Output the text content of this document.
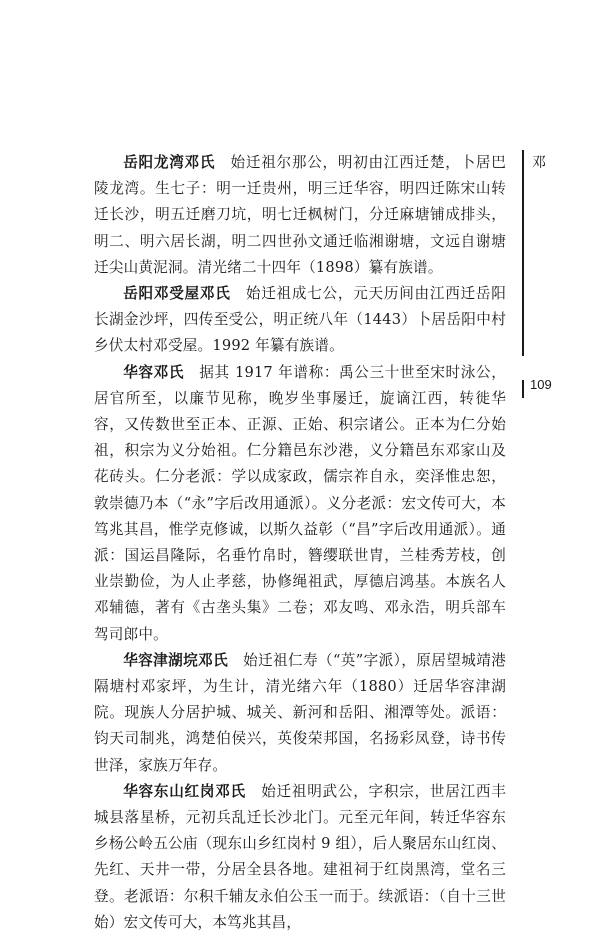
邓
109

岳阳龙湾邓氏　 始迁祖尔那公，明初由江西迁楚，卜居巴陵龙湾。生七子：明一迁贵州，明三迁华容，明四迁陈宋山转迁长沙，明五迁磨刀坑，明七迁枫树门，分迁麻塘铺成排头，明二、明六居长湖，明二四世孙文通迁临湘谢塘，文远自谢塘迁尖山黄泥洞。清光绪二十四年（1898）纂有族谱。

岳阳邓受屋邓氏　 始迁祖成七公，元天历间由江西迁岳阳长湖金沙坪，四传至受公，明正统八年（1443）卜居岳阳中村乡伏太村邓受屋。1992 年纂有族谱。

华容邓氏　 据其 1917 年谱称：禹公三十世至宋时泳公，居官所至，以廉节见称，晚岁坐事屡迁，旋谪江西，转徙华容，又传数世至正本、正源、正始、积宗诸公。正本为仁分始祖，积宗为义分始祖。仁分籍邑东沙港，义分籍邑东邓家山及花砖头。仁分老派：学以成家政，儒宗祚自永，奕泽惟忠恕，敦崇德乃本（“永”字后改用通派）。义分老派：宏文传可大，本笃兆其昌，惟学克修诚，以斯久益彰（“昌”字后改用通派）。通派：国运昌隆际，名垂竹帛时，簪缨联世胄，兰桂秀芳枝，创业崇勤俭，为人止孝慈，协修绳祖武，厚德启鸿基。本族名人邓辅德，著有《古垄头集》二卷；邓友鸣、邓永浩，明兵部车驾司郎中。

华容津湖垸邓氏　 始迁祖仁寿（“英”字派），原居望城靖港隔塘村邓家坪，为生计，清光绪六年（1880）迁居华容津湖院。现族人分居护城、城关、新河和岳阳、湘潭等处。派语：钧天司制兆，鸿楚伯侯兴，英俊荣邦国，名扬彩凤登，诗书传世泽，家族万年存。

华容东山红岗邓氏　 始迁祖明武公，字积宗，世居江西丰城县落星桥，元初兵乱迁长沙北门。元至元年间，转迁华容东乡杨公岭五公庙（现东山乡红岗村 9 组），后人聚居东山红岗、先红、天井一带，分居全县各地。建祖祠于红岗黑湾，堂名三登。老派语：尔积千辅友永伯公玉一而于。续派语：（自十三世始）宏文传可大，本笃兆其昌，
